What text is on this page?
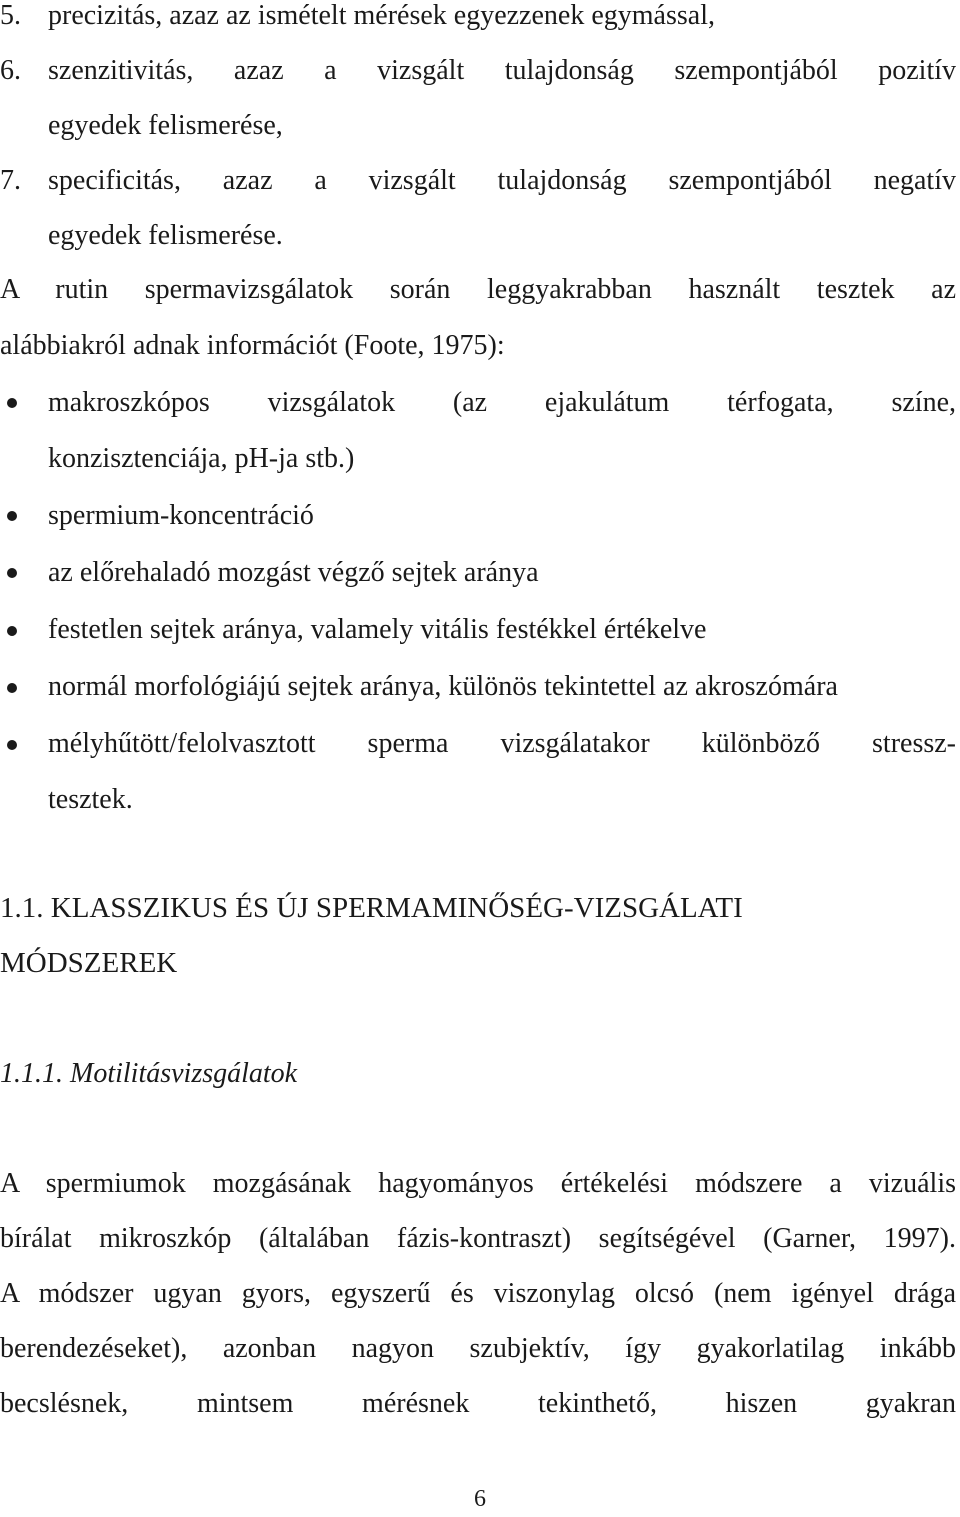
5. precizitás, azaz az ismételt mérések egyezzenek egymással,
6. szenzitivitás, azaz a vizsgált tulajdonság szempontjából pozitív
egyedek felismerése,
7. specificitás, azaz a vizsgált tulajdonság szempontjából negatív
egyedek felismerése.
A rutin spermavizsgálatok során leggyakrabban használt tesztek az
alábbiakról adnak információt (Foote, 1975):
makroszkópos vizsgálatok (az ejakulátum térfogata, színe,
konzisztenciája, pH-ja stb.)
spermium-koncentráció
az előrehaladó mozgást végző sejtek aránya
festetlen sejtek aránya, valamely vitális festékkel értékelve
normál morfológiájú sejtek aránya, különös tekintettel az akroszómára
mélyhűtött/felolvasztott sperma vizsgálatakor különböző stressz-
tesztek.
1.1. KLASSZIKUS ÉS ÚJ SPERMAMINŐSÉG-VIZSGÁLATI
MÓDSZEREK
1.1.1. Motilitásvizsgálatok
A spermiumok mozgásának hagyományos értékelési módszere a vizuális
bírálat mikroszkóp (általában fázis-kontraszt) segítségével (Garner, 1997).
A módszer ugyan gyors, egyszerű és viszonylag olcsó (nem igényel drága
berendezéseket), azonban nagyon szubjektív, így gyakorlatilag inkább
becslésnek, mintsem mérésnek tekinthető, hiszen gyakran
6
